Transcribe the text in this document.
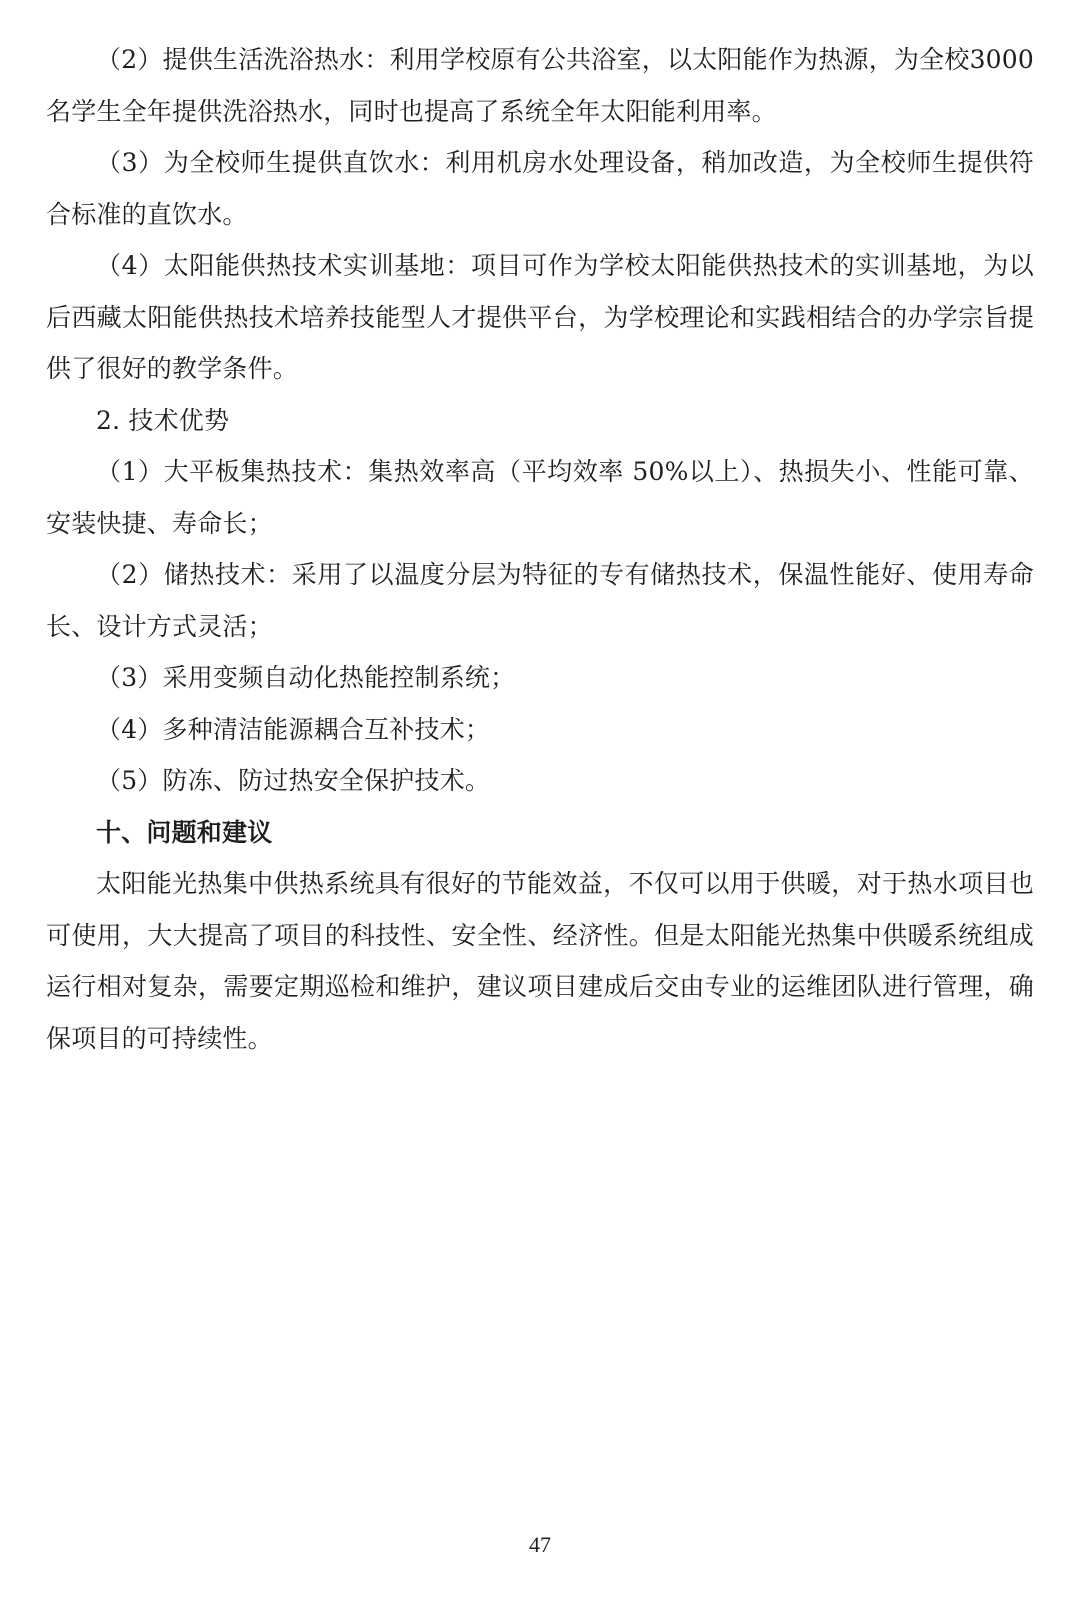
（2）提供生活洗浴热水：利用学校原有公共浴室，以太阳能作为热源，为全校3000名学生全年提供洗浴热水，同时也提高了系统全年太阳能利用率。

（3）为全校师生提供直饮水：利用机房水处理设备，稍加改造，为全校师生提供符合标准的直饮水。

（4）太阳能供热技术实训基地：项目可作为学校太阳能供热技术的实训基地，为以后西藏太阳能供热技术培养技能型人才提供平台，为学校理论和实践相结合的办学宗旨提供了很好的教学条件。

2. 技术优势

（1）大平板集热技术：集热效率高（平均效率 50%以上）、热损失小、性能可靠、安装快捷、寿命长；

（2）储热技术：采用了以温度分层为特征的专有储热技术，保温性能好、使用寿命长、设计方式灵活；

（3）采用变频自动化热能控制系统；

（4）多种清洁能源耦合互补技术；

（5）防冻、防过热安全保护技术。

十、问题和建议

太阳能光热集中供热系统具有很好的节能效益，不仅可以用于供暖，对于热水项目也可使用，大大提高了项目的科技性、安全性、经济性。但是太阳能光热集中供暖系统组成运行相对复杂，需要定期巡检和维护，建议项目建成后交由专业的运维团队进行管理，确保项目的可持续性。

47
